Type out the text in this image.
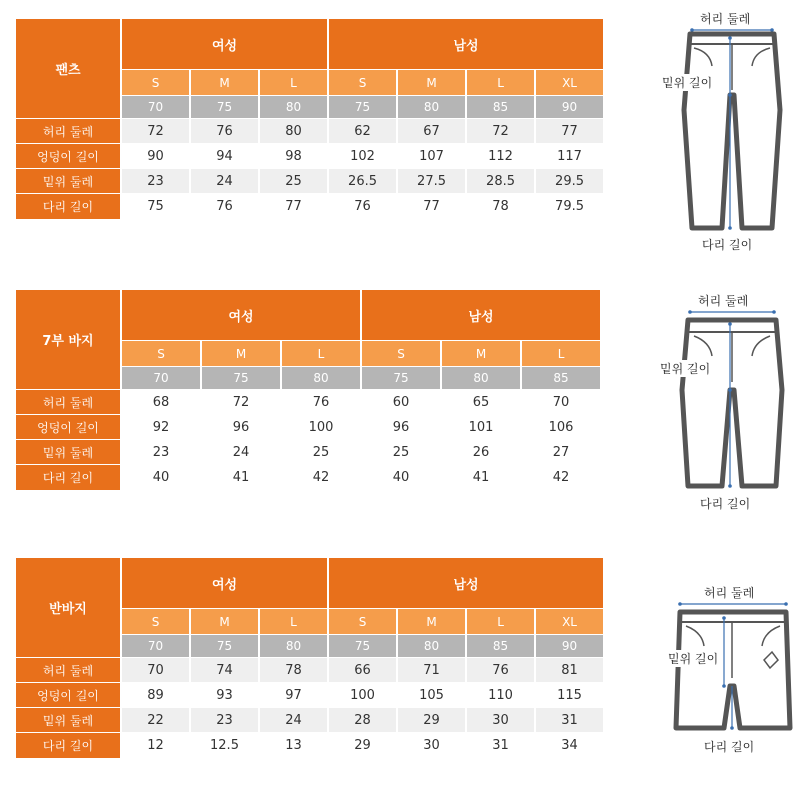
팬츠	여성			남성			
	S	M	L	S	M	L	XL
	70	75	80	75	80	85	90
허리 둘레	72	76	80	62	67	72	77
엉덩이 길이	90	94	98	102	107	112	117
밑위 둘레	23	24	25	26.5	27.5	28.5	29.5
다리 길이	75	76	77	76	77	78	79.5
7부 바지	여성			남성		
	S	M	L	S	M	L
	70	75	80	75	80	85
허리 둘레	68	72	76	60	65	70
엉덩이 길이	92	96	100	96	101	106
밑위 둘레	23	24	25	25	26	27
다리 길이	40	41	42	40	41	42
반바지	여성			남성			
	S	M	L	S	M	L	XL
	70	75	80	75	80	85	90
허리 둘레	70	74	78	66	71	76	81
엉덩이 길이	89	93	97	100	105	110	115
밑위 둘레	22	23	24	28	29	30	31
다리 길이	12	12.5	13	29	30	31	34
허리 둘레
밑위 길이
다리 길이
허리 둘레
밑위 길이
다리 길이
허리 둘레
밑위 길이
다리 길이
